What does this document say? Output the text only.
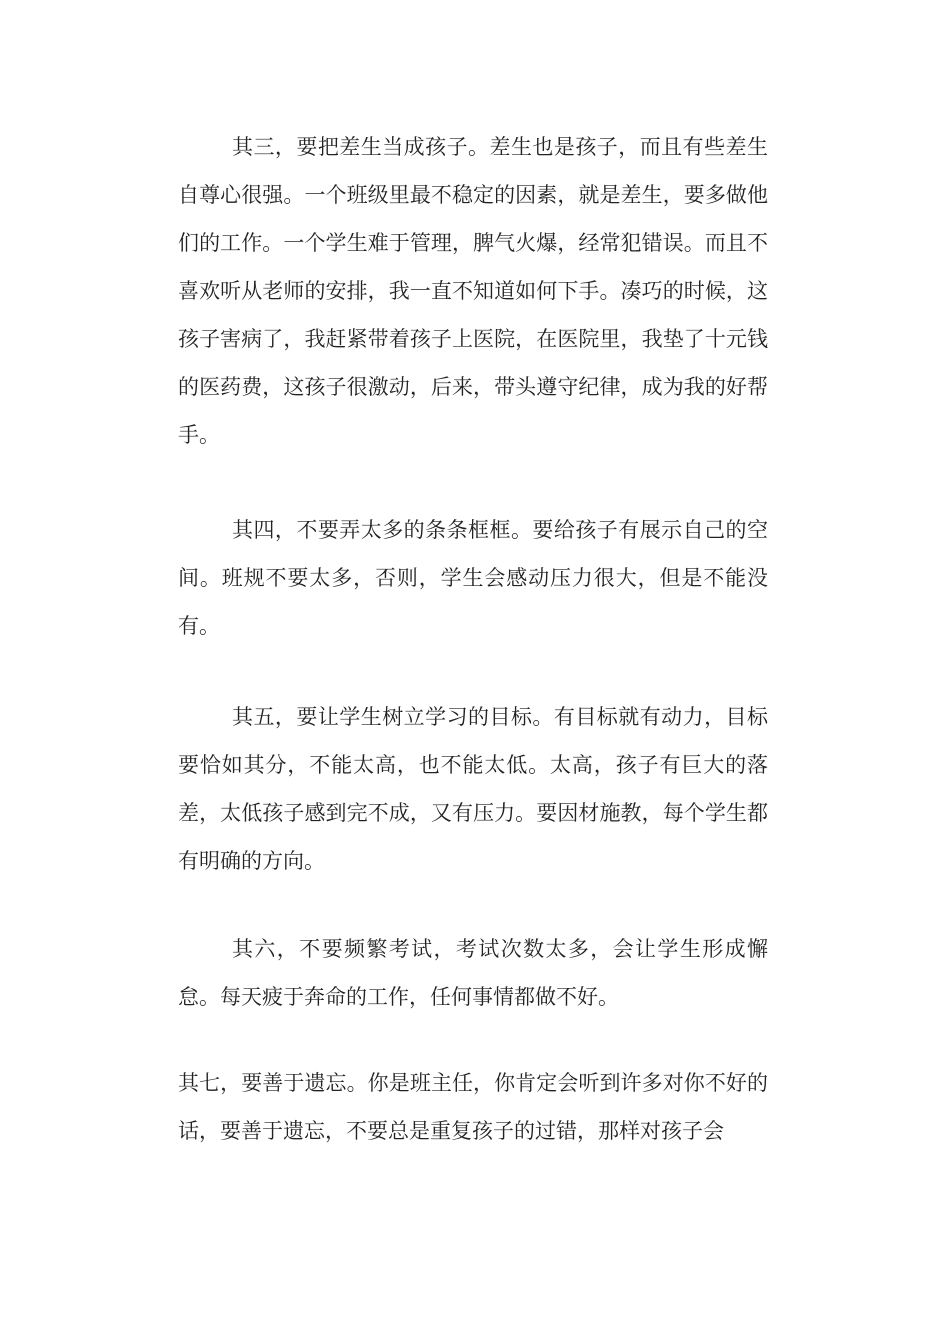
其三，要把差生当成孩子。差生也是孩子，而且有些差生自尊心很强。一个班级里最不稳定的因素，就是差生，要多做他们的工作。一个学生难于管理，脾气火爆，经常犯错误。而且不喜欢听从老师的安排，我一直不知道如何下手。凑巧的时候，这孩子害病了，我赶紧带着孩子上医院，在医院里，我垫了十元钱的医药费，这孩子很激动，后来，带头遵守纪律，成为我的好帮手。

其四，不要弄太多的条条框框。要给孩子有展示自己的空间。班规不要太多，否则，学生会感动压力很大，但是不能没有。

其五，要让学生树立学习的目标。有目标就有动力，目标要恰如其分，不能太高，也不能太低。太高，孩子有巨大的落差，太低孩子感到完不成，又有压力。要因材施教，每个学生都有明确的方向。

其六，不要频繁考试，考试次数太多，会让学生形成懈怠。每天疲于奔命的工作，任何事情都做不好。

其七，要善于遗忘。你是班主任，你肯定会听到许多对你不好的话，要善于遗忘，不要总是重复孩子的过错，那样对孩子会
